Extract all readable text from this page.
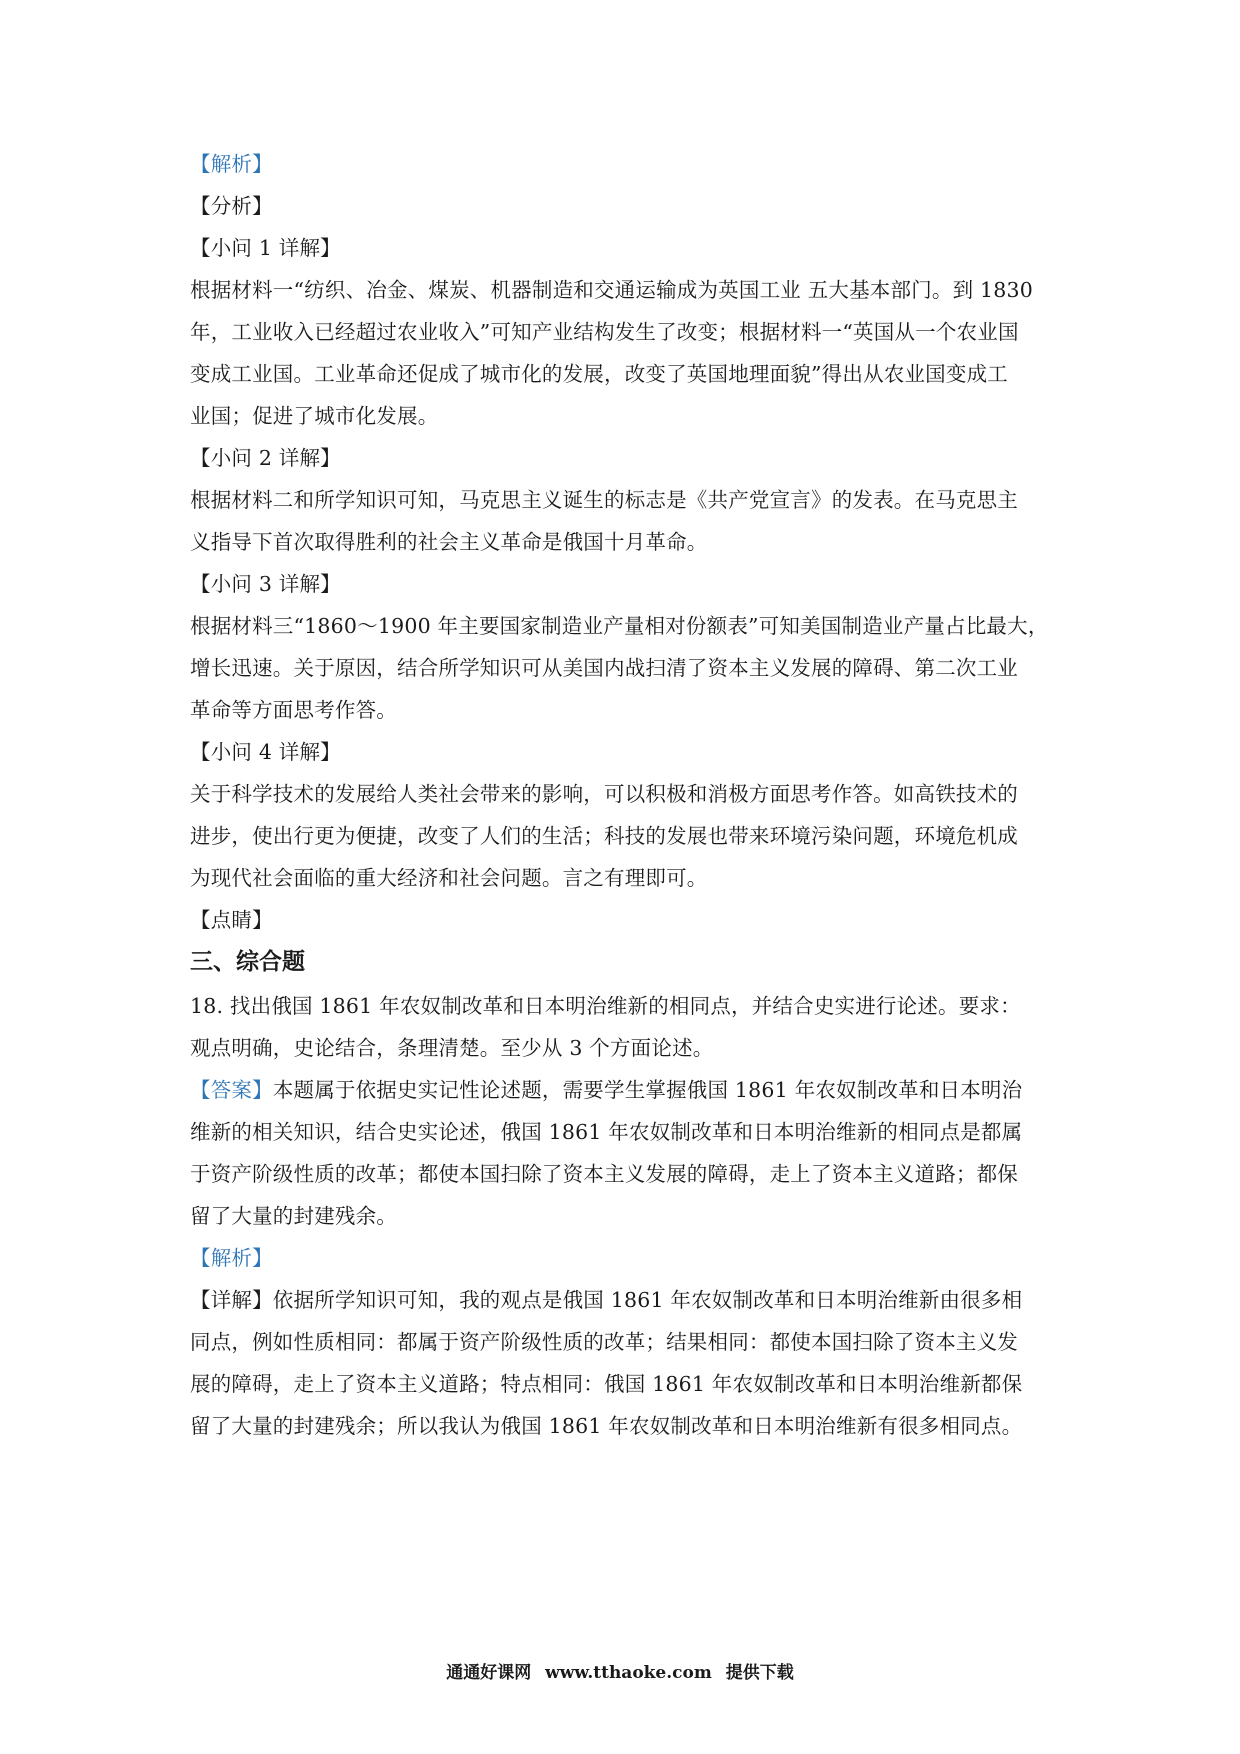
【解析】
【分析】
【小问 1 详解】
根据材料一“纺织、冶金、煤炭、机器制造和交通运输成为英国工业 五大基本部门。到 1830
年，工业收入已经超过农业收入”可知产业结构发生了改变；根据材料一“英国从一个农业国
变成工业国。工业革命还促成了城市化的发展，改变了英国地理面貌”得出从农业国变成工
业国；促进了城市化发展。
【小问 2 详解】
根据材料二和所学知识可知，马克思主义诞生的标志是《共产党宣言》的发表。在马克思主
义指导下首次取得胜利的社会主义革命是俄国十月革命。
【小问 3 详解】
根据材料三“1860～1900 年主要国家制造业产量相对份额表”可知美国制造业产量占比最大，
增长迅速。关于原因，结合所学知识可从美国内战扫清了资本主义发展的障碍、第二次工业
革命等方面思考作答。
【小问 4 详解】
关于科学技术的发展给人类社会带来的影响，可以积极和消极方面思考作答。如高铁技术的
进步，使出行更为便捷，改变了人们的生活；科技的发展也带来环境污染问题，环境危机成
为现代社会面临的重大经济和社会问题。言之有理即可。
【点睛】
三、综合题
18. 找出俄国 1861 年农奴制改革和日本明治维新的相同点，并结合史实进行论述。要求：
观点明确，史论结合，条理清楚。至少从 3 个方面论述。
【答案】本题属于依据史实记性论述题，需要学生掌握俄国 1861 年农奴制改革和日本明治
维新的相关知识，结合史实论述，俄国 1861 年农奴制改革和日本明治维新的相同点是都属
于资产阶级性质的改革；都使本国扫除了资本主义发展的障碍，走上了资本主义道路；都保
留了大量的封建残余。
【解析】
【详解】依据所学知识可知，我的观点是俄国 1861 年农奴制改革和日本明治维新由很多相
同点，例如性质相同：都属于资产阶级性质的改革；结果相同：都使本国扫除了资本主义发
展的障碍，走上了资本主义道路；特点相同：俄国 1861 年农奴制改革和日本明治维新都保
留了大量的封建残余；所以我认为俄国 1861 年农奴制改革和日本明治维新有很多相同点。
通通好课网 www.tthaoke.com 提供下载
